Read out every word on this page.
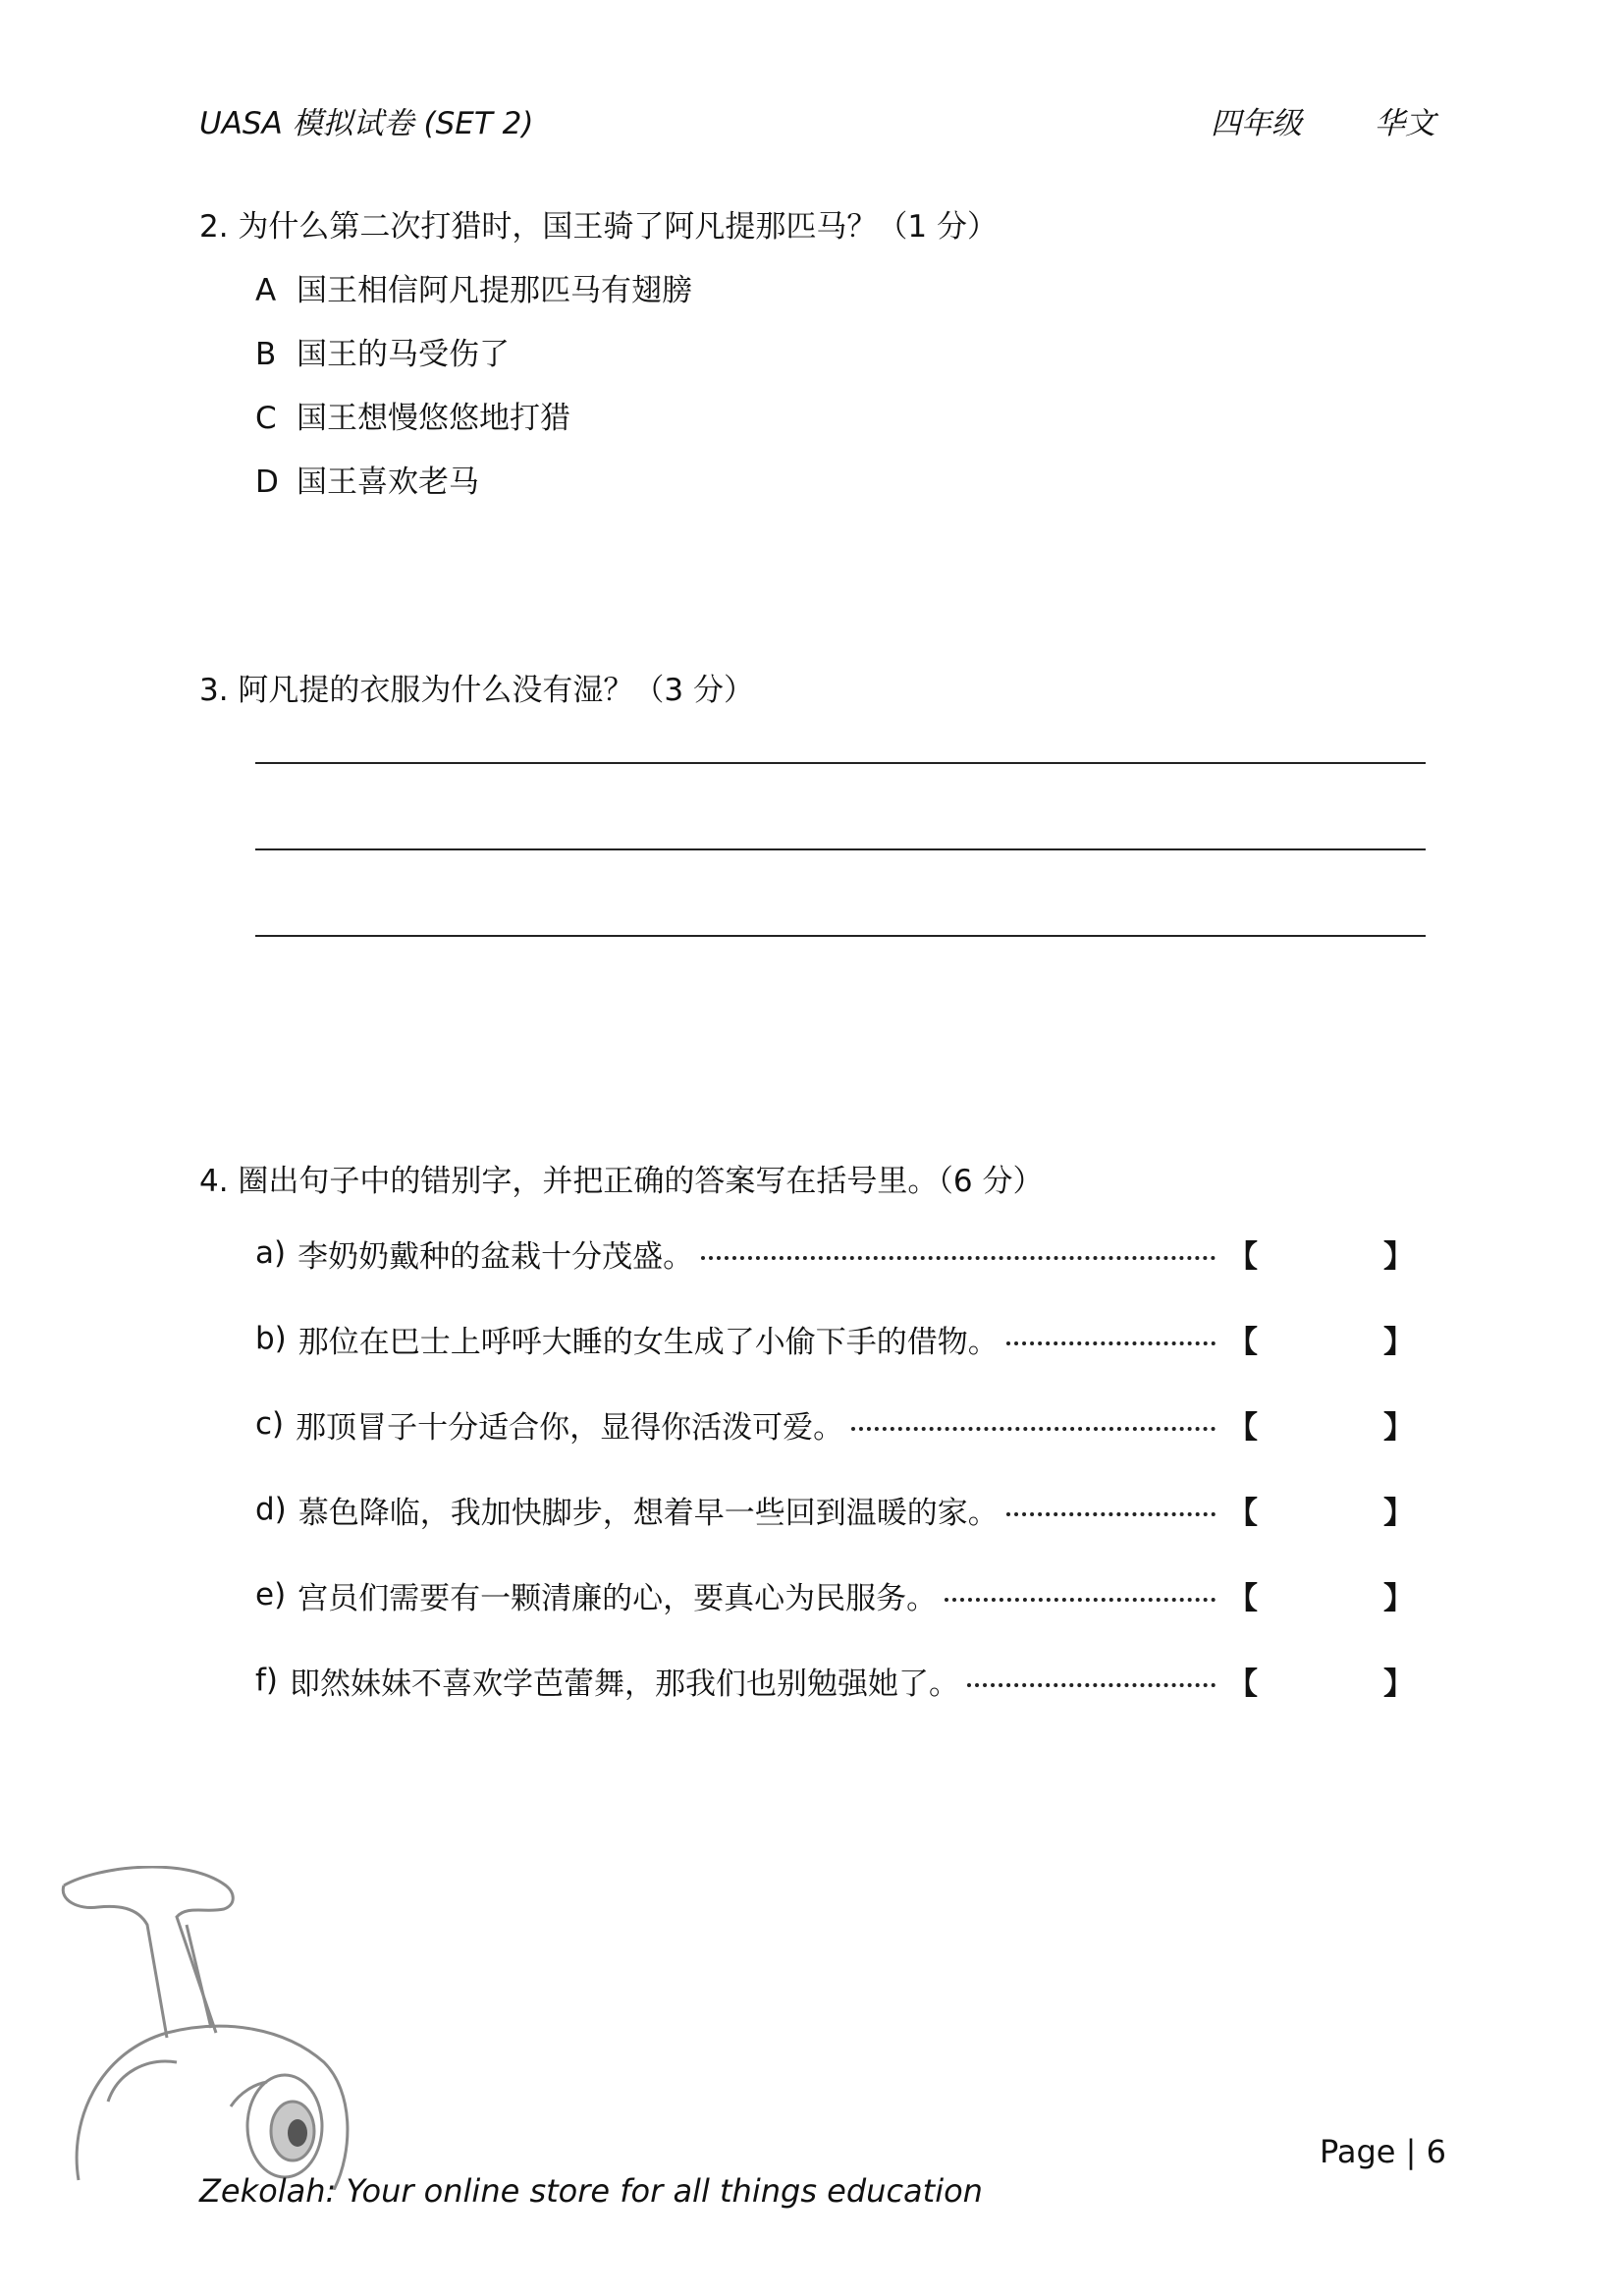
UASA 模拟试卷 (SET 2)	四年级 华文
2. 为什么第二次打猎时，国王骑了阿凡提那匹马？（1 分）
A 国王相信阿凡提那匹马有翅膀
B 国王的马受伤了
C 国王想慢悠悠地打猎
D 国王喜欢老马
3. 阿凡提的衣服为什么没有湿？（3 分）
4. 圈出句子中的错别字，并把正确的答案写在括号里。（6 分）
a) 李奶奶戴种的盆栽十分茂盛。	【	】
b) 那位在巴士上呼呼大睡的女生成了小偷下手的借物。	【	】
c) 那顶冒子十分适合你，显得你活泼可爱。	【	】
d) 慕色降临，我加快脚步，想着早一些回到温暖的家。	【	】
e) 宫员们需要有一颗清廉的心，要真心为民服务。	【	】
f) 即然妹妹不喜欢学芭蕾舞，那我们也别勉强她了。	【	】
Page | 6
Zekolah: Your online store for all things education
